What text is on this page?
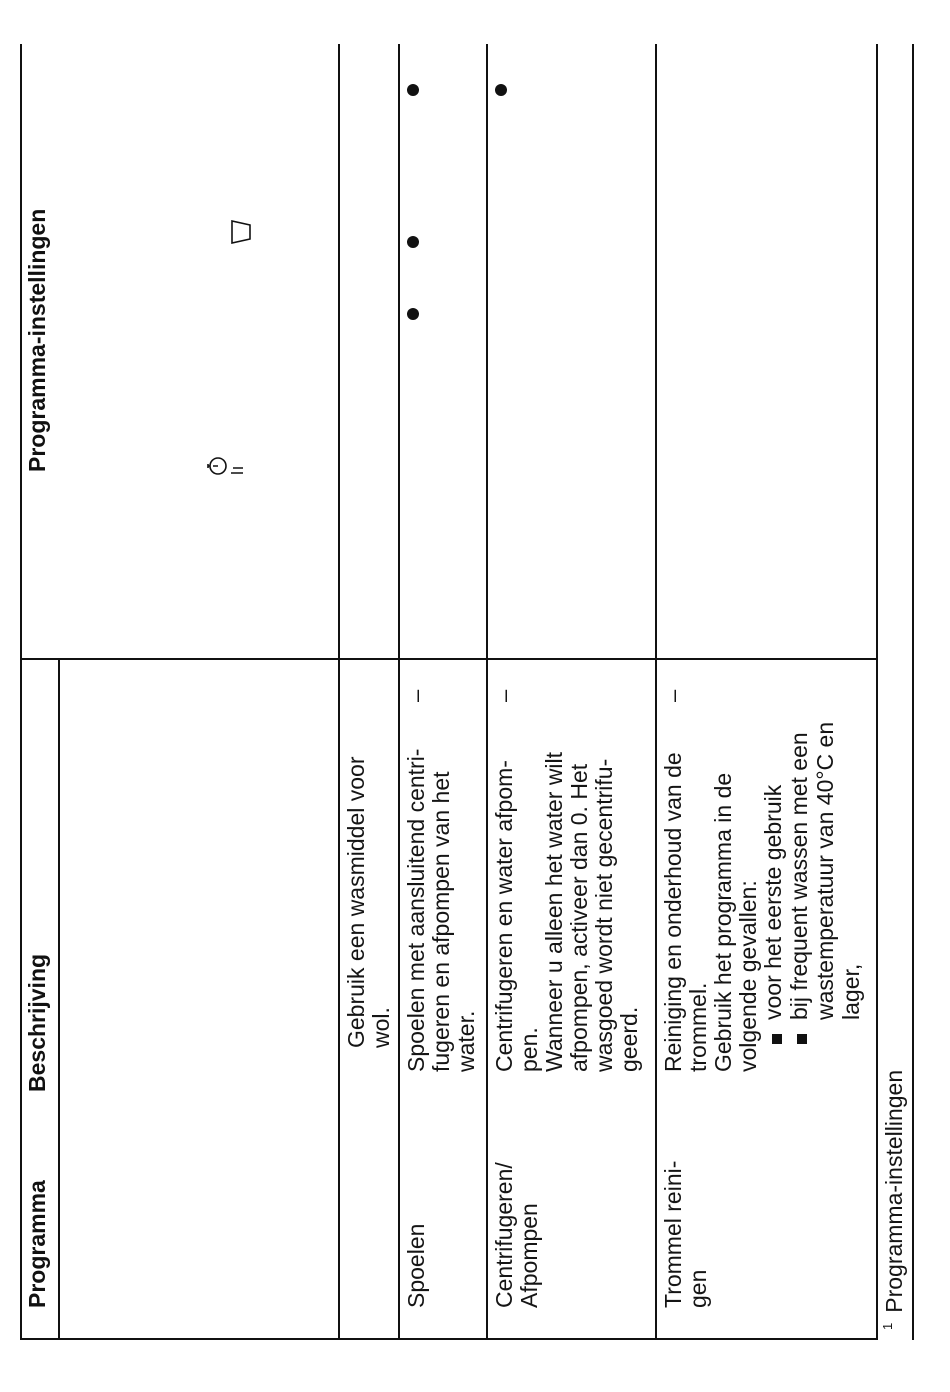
Programma
Beschrijving
Programma-instellingen
Gebruik een wasmiddel voor
wol.
Spoelen
Spoelen met aansluitend centri-
fugeren en afpompen van het
water.
–
Centrifugeren/
Afpompen
Centrifugeren en water afpom-
pen.
Wanneer u alleen het water wilt
afpompen, activeer dan 0. Het
wasgoed wordt niet gecentrifu-
geerd.
–
Trommel reini-
gen
Reiniging en onderhoud van de
trommel.
Gebruik het programma in de
volgende gevallen:
–
voor het eerste gebruik bij frequent wassen met een
wastemperatuur van 40°C en
lager,
$^1$Programma-instellingen
